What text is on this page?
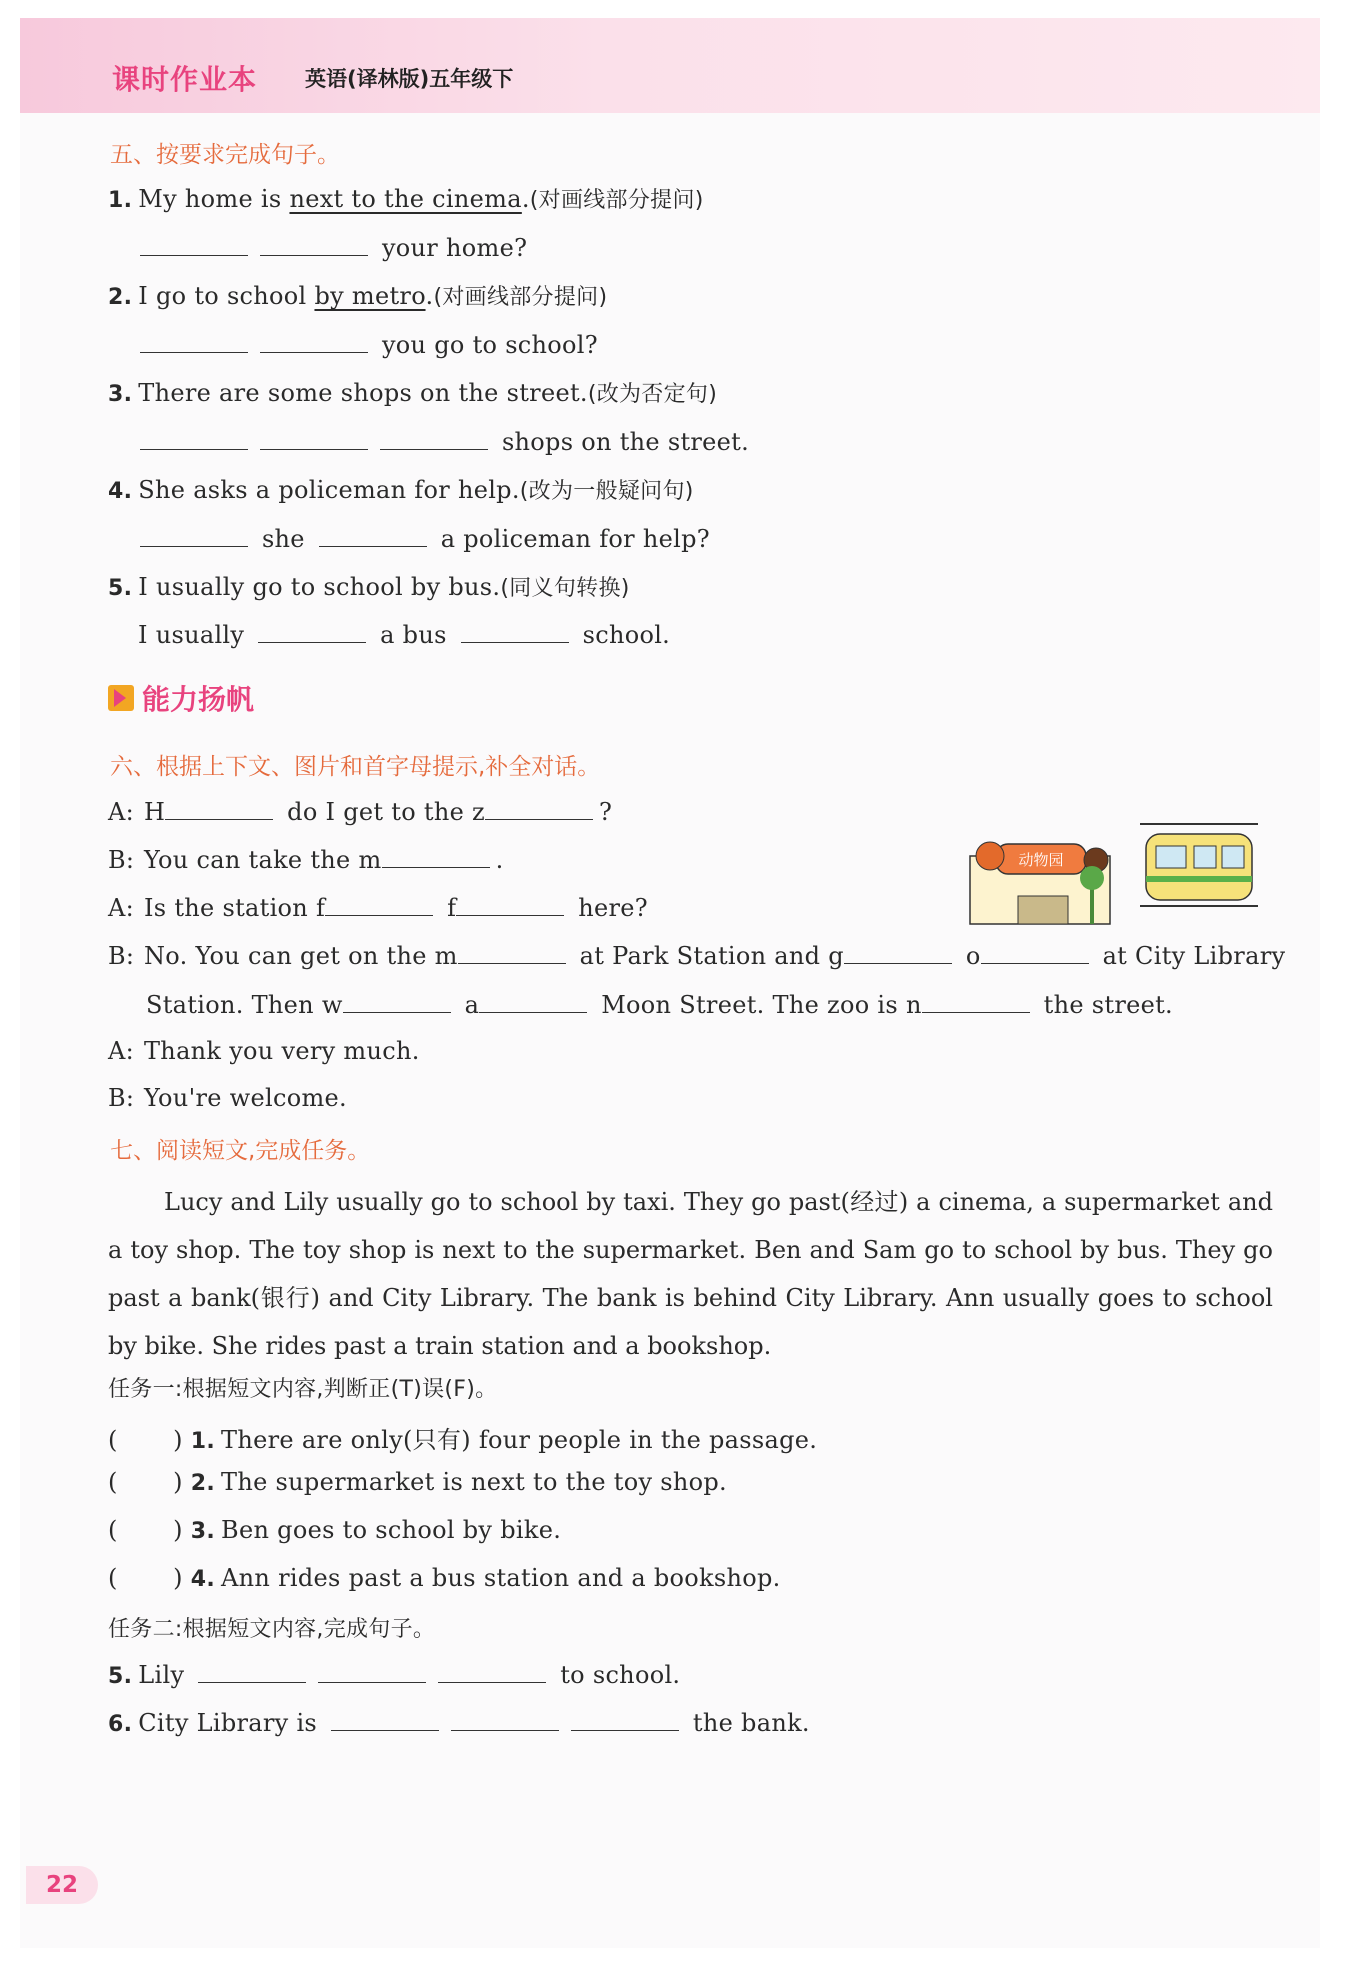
课时作业本 英语(译林版)五年级下
五、按要求完成句子。
1. My home is next to the cinema.(对画线部分提问)
your home?
2. I go to school by metro.(对画线部分提问)
you go to school?
3. There are some shops on the street.(改为否定句)
shops on the street.
4. She asks a policeman for help.(改为一般疑问句)
she	a policeman for help?
5. I usually go to school by bus.(同义句转换)
I usually	a bus	school.
能力扬帆
六、根据上下文、图片和首字母提示,补全对话。
A: H	do I get to the z	?
B: You can take the m	.
A: Is the station f	f	here?
动物园
B: No. You can get on the m	at Park Station and g	o	at City Library
Station. Then w	a	Moon Street. The zoo is n	the street.
A: Thank you very much.
B: You're welcome.
七、阅读短文,完成任务。
Lucy and Lily usually go to school by taxi. They go past(经过) a cinema, a supermarket and a toy shop. The toy shop is next to the supermarket. Ben and Sam go to school by bus. They go past a bank(银行) and City Library. The bank is behind City Library. Ann usually goes to school by bike. She rides past a train station and a bookshop.
任务一:根据短文内容,判断正(T)误(F)。
(       ) 1. There are only(只有) four people in the passage.
(       ) 2. The supermarket is next to the toy shop.
(       ) 3. Ben goes to school by bike.
(       ) 4. Ann rides past a bus station and a bookshop.
任务二:根据短文内容,完成句子。
5. Lily	to school.
6. City Library is	the bank.
22
